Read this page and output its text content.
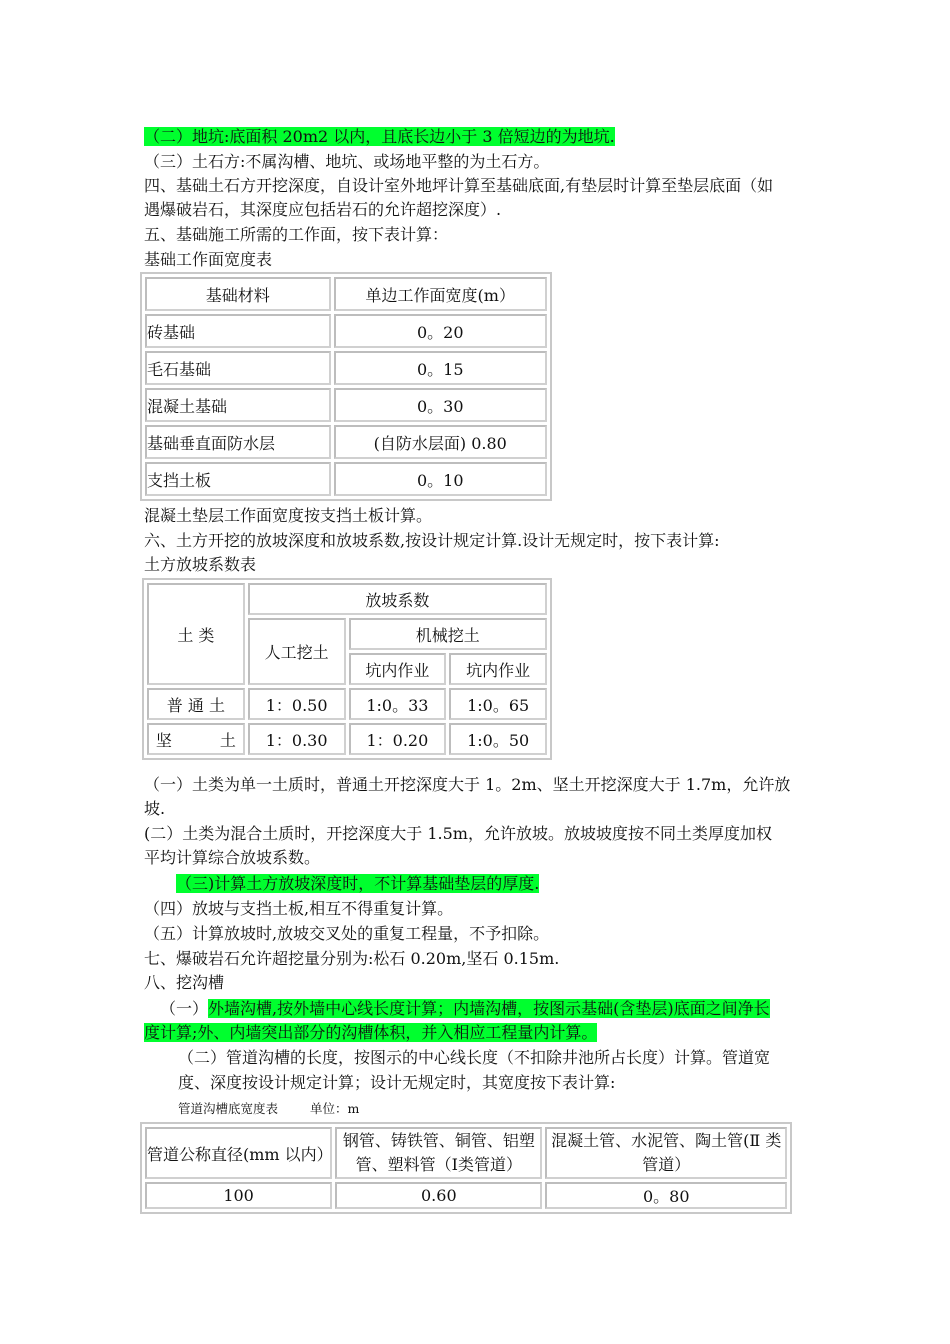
（二）地坑:底面积 20m2 以内，且底长边小于 3 倍短边的为地坑.
（三）土石方:不属沟槽、地坑、或场地平整的为土石方。
四、基础土石方开挖深度，自设计室外地坪计算至基础底面,有垫层时计算至垫层底面（如
遇爆破岩石，其深度应包括岩石的允许超挖深度）.
五、基础施工所需的工作面，按下表计算：
基础工作面宽度表
基础材料	单边工作面宽度(m）
砖基础	0。20
毛石基础	0。15
混凝土基础	0。30
基础垂直面防水层	(自防水层面) 0.80
支挡土板	0。10
混凝土垫层工作面宽度按支挡土板计算。
六、土方开挖的放坡深度和放坡系数,按设计规定计算.设计无规定时，按下表计算:
土方放坡系数表
土 类	放坡系数		
	人工挖土	机械挖土	
		坑内作业	坑内作业
普 通 土	1：0.50	1:0。33	1:0。65
坚　　　土	1：0.30	1：0.20	1:0。50
（一）土类为单一土质时，普通土开挖深度大于 1。2m、坚土开挖深度大于 1.7m，允许放
坡.
(二）土类为混合土质时，开挖深度大于 1.5m，允许放坡。放坡坡度按不同土类厚度加权
平均计算综合放坡系数。
（三)计算土方放坡深度时，不计算基础垫层的厚度.
（四）放坡与支挡土板,相互不得重复计算。
（五）计算放坡时,放坡交叉处的重复工程量，不予扣除。
七、爆破岩石允许超挖量分别为:松石 0.20m,坚石 0.15m.
八、挖沟槽
（一）外墙沟槽,按外墙中心线长度计算；内墙沟槽，按图示基础(含垫层)底面之间净长
度计算;外、内墙突出部分的沟槽体积，并入相应工程量内计算。
（二）管道沟槽的长度，按图示的中心线长度（不扣除井池所占长度）计算。管道宽
度、深度按设计规定计算；设计无规定时，其宽度按下表计算:
管道沟槽底宽度表	单位：m
管道公称直径(mm 以内）	钢管、铸铁管、铜管、铝塑管、塑料管（Ⅰ类管道）	混凝土管、水泥管、陶土管(Ⅱ 类管道）
100	0.60	0。80
